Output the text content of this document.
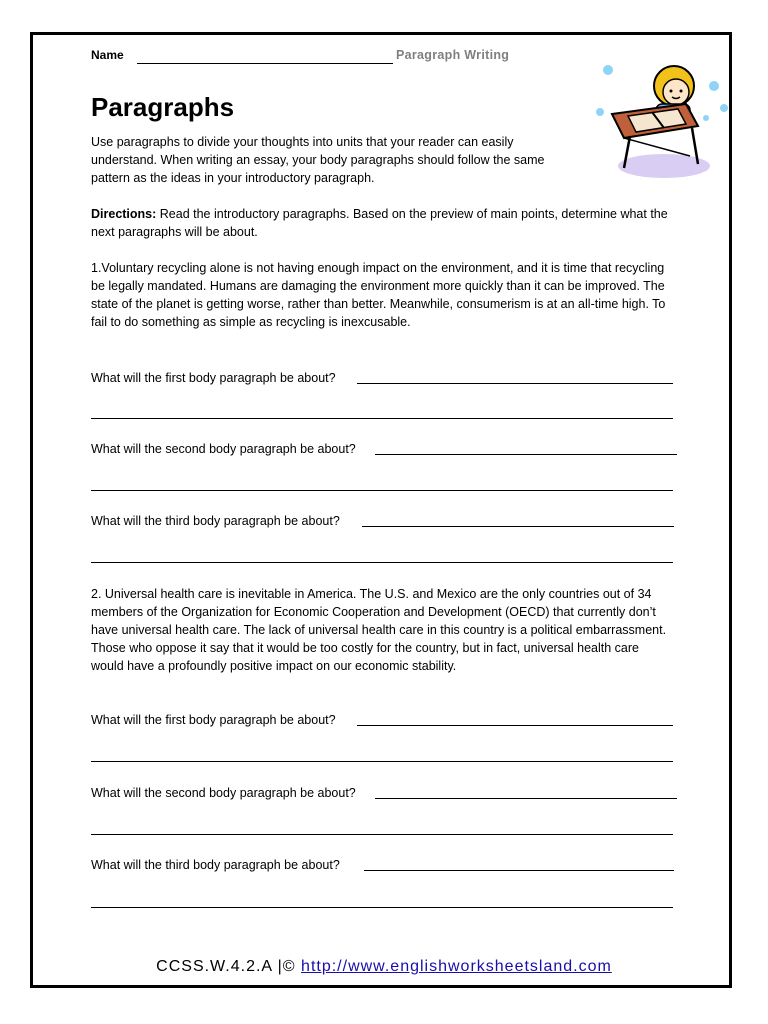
Name	Paragraph Writing
Paragraphs
Use paragraphs to divide your thoughts into units that your reader can easily understand. When writing an essay, your body paragraphs should follow the same pattern as the ideas in your introductory paragraph.
Directions: Read the introductory paragraphs. Based on the preview of main points, determine what the next paragraphs will be about.
1.Voluntary recycling alone is not having enough impact on the environment, and it is time that recycling be legally mandated. Humans are damaging the environment more quickly than it can be improved. The state of the planet is getting worse, rather than better. Meanwhile, consumerism is at an all-time high. To fail to do something as simple as recycling is inexcusable.
What will the first body paragraph be about?
What will the second body paragraph be about?
What will the third body paragraph be about?
2. Universal health care is inevitable in America. The U.S. and Mexico are the only countries out of 34 members of the Organization for Economic Cooperation and Development (OECD) that currently don’t have universal health care. The lack of universal health care in this country is a political embarrassment. Those who oppose it say that it would be too costly for the country, but in fact, universal health care would have a profoundly positive impact on our economic stability.
What will the first body paragraph be about?
What will the second body paragraph be about?
What will the third body paragraph be about?
CCSS.W.4.2.A |© http://www.englishworksheetsland.com
